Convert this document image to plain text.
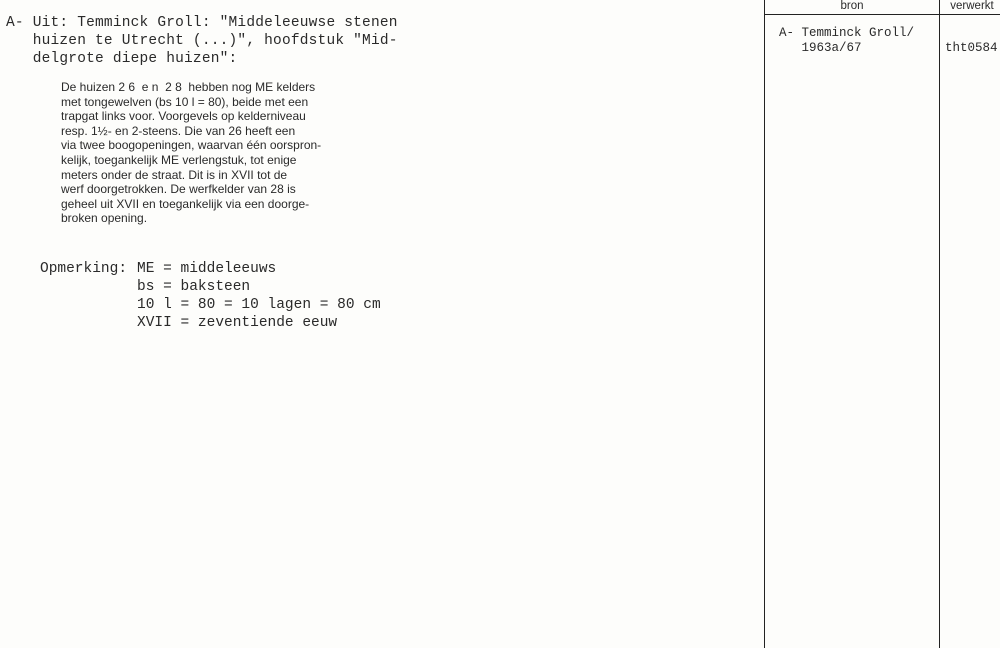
A- Uit: Temminck Groll: "Middeleeuwse stenen
huizen te Utrecht (...)", hoofdstuk "Mid-
delgrote diepe huizen":
De huizen 2 6  e n  2 8  hebben nog ME kelders
met tongewelven (bs 10 l = 80), beide met een
trapgat links voor. Voorgevels op kelderniveau
resp. 1½- en 2-steens. Die van 26 heeft een
via twee boogopeningen, waarvan één oorspron-
kelijk, toegankelijk ME verlengstuk, tot enige
meters onder de straat. Dit is in XVII tot de
werf doorgetrokken. De werfkelder van 28 is
geheel uit XVII en toegankelijk via een doorge-
broken opening.
Opmerking: ME = middeleeuws
bs = baksteen
10 l = 80 = 10 lagen = 80 cm
XVII = zeventiende eeuw
bron	verwerkt
A- Temminck Groll/
1963a/67	tht0584
